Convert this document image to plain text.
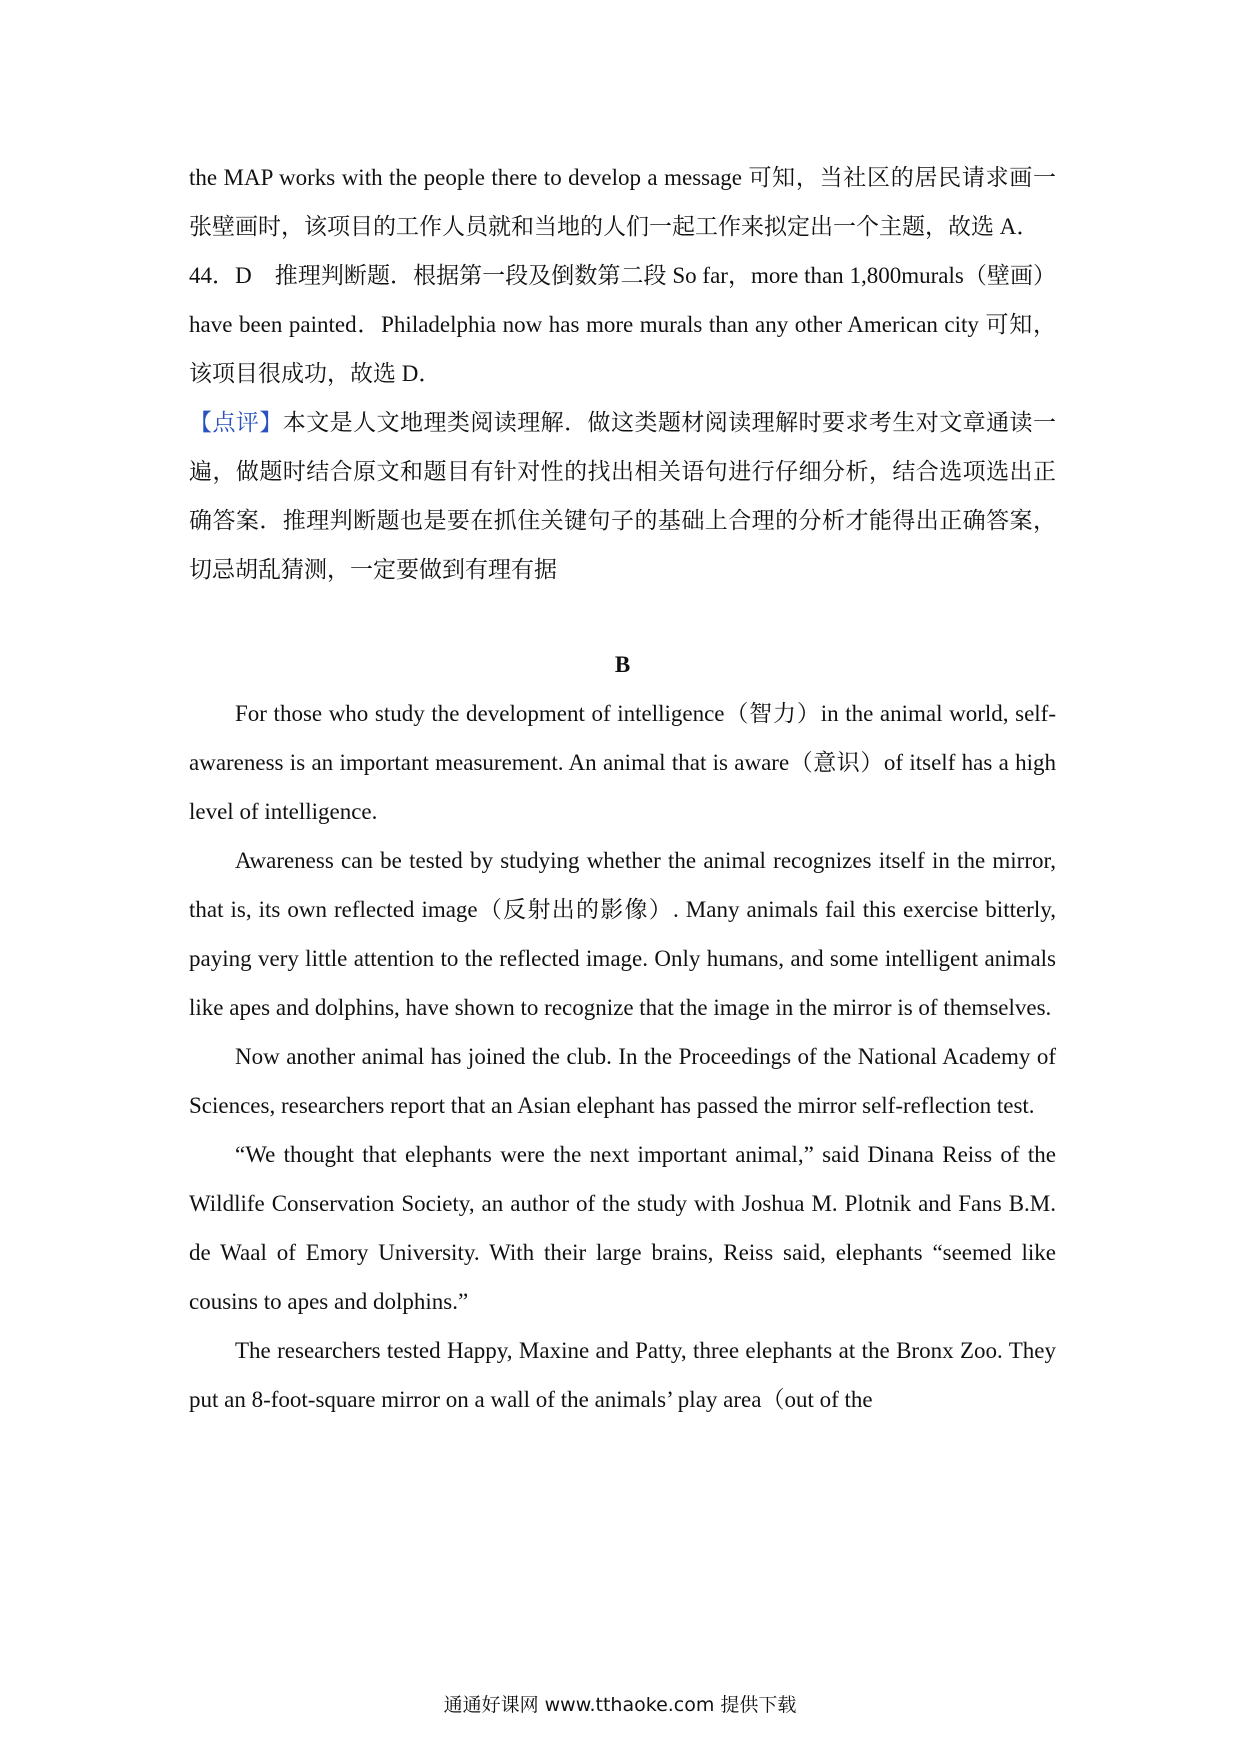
the MAP works with the people there to develop a message 可知，当社区的居民请求画一张壁画时，该项目的工作人员就和当地的人们一起工作来拟定出一个主题，故选 A．

44．D　推理判断题．根据第一段及倒数第二段 So far，more than 1,800murals（壁画）have been painted．Philadelphia now has more murals than any other American city 可知，该项目很成功，故选 D．

【点评】本文是人文地理类阅读理解．做这类题材阅读理解时要求考生对文章通读一遍，做题时结合原文和题目有针对性的找出相关语句进行仔细分析，结合选项选出正确答案．推理判断题也是要在抓住关键句子的基础上合理的分析才能得出正确答案，切忌胡乱猜测，一定要做到有理有据

B

For those who study the development of intelligence（智力）in the animal world, self-awareness is an important measurement. An animal that is aware（意识）of itself has a high level of intelligence.

Awareness can be tested by studying whether the animal recognizes itself in the mirror, that is, its own reflected image（反射出的影像）. Many animals fail this exercise bitterly, paying very little attention to the reflected image. Only humans, and some intelligent animals like apes and dolphins, have shown to recognize that the image in the mirror is of themselves.

Now another animal has joined the club. In the Proceedings of the National Academy of Sciences, researchers report that an Asian elephant has passed the mirror self-reflection test.

“We thought that elephants were the next important animal,” said Dinana Reiss of the Wildlife Conservation Society, an author of the study with Joshua M. Plotnik and Fans B.M. de Waal of Emory University. With their large brains, Reiss said, elephants “seemed like cousins to apes and dolphins.”

The researchers tested Happy, Maxine and Patty, three elephants at the Bronx Zoo. They put an 8-foot-square mirror on a wall of the animals’ play area（out of the

通通好课网 www.tthaoke.com 提供下载
